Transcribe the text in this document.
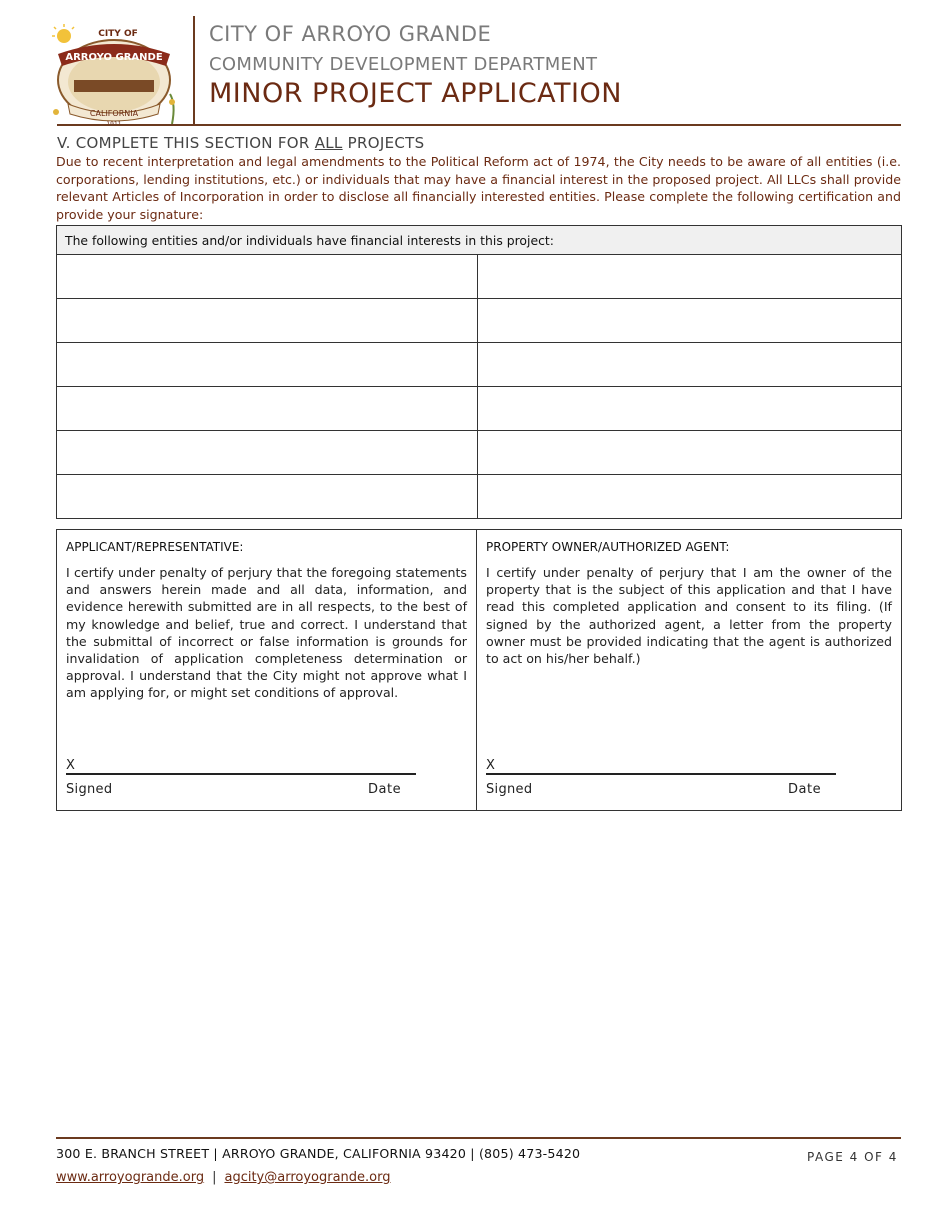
CITY OF
ARROYO GRANDE
CALIFORNIA
CITY OF ARROYO GRANDE
COMMUNITY DEVELOPMENT DEPARTMENT
MINOR PROJECT APPLICATION
V. COMPLETE THIS SECTION FOR ALL PROJECTS
Due to recent interpretation and legal amendments to the Political Reform act of 1974, the City needs to be aware of all entities (i.e. corporations, lending institutions, etc.) or individuals that may have a financial interest in the proposed project. All LLCs shall provide relevant Articles of Incorporation in order to disclose all financially interested entities. Please complete the following certification and provide your signature:
The following entities and/or individuals have financial interests in this project:	

APPLICANT/REPRESENTATIVE:
I certify under penalty of perjury that the foregoing statements and answers herein made and all data, information, and evidence herewith submitted are in all respects, to the best of my knowledge and belief, true and correct. I understand that the submittal of incorrect or false information is grounds for invalidation of application completeness determination or approval. I understand that the City might not approve what I am applying for, or might set conditions of approval.
X
Signed	Date
PROPERTY OWNER/AUTHORIZED AGENT:
I certify under penalty of perjury that I am the owner of the property that is the subject of this application and that I have read this completed application and consent to its filing. (If signed by the authorized agent, a letter from the property owner must be provided indicating that the agent is authorized to act on his/her behalf.)
X
Signed	Date
300 E. BRANCH STREET | ARROYO GRANDE, CALIFORNIA 93420 | (805) 473-5420	PAGE 4 OF 4
www.arroyogrande.org | agcity@arroyogrande.org
